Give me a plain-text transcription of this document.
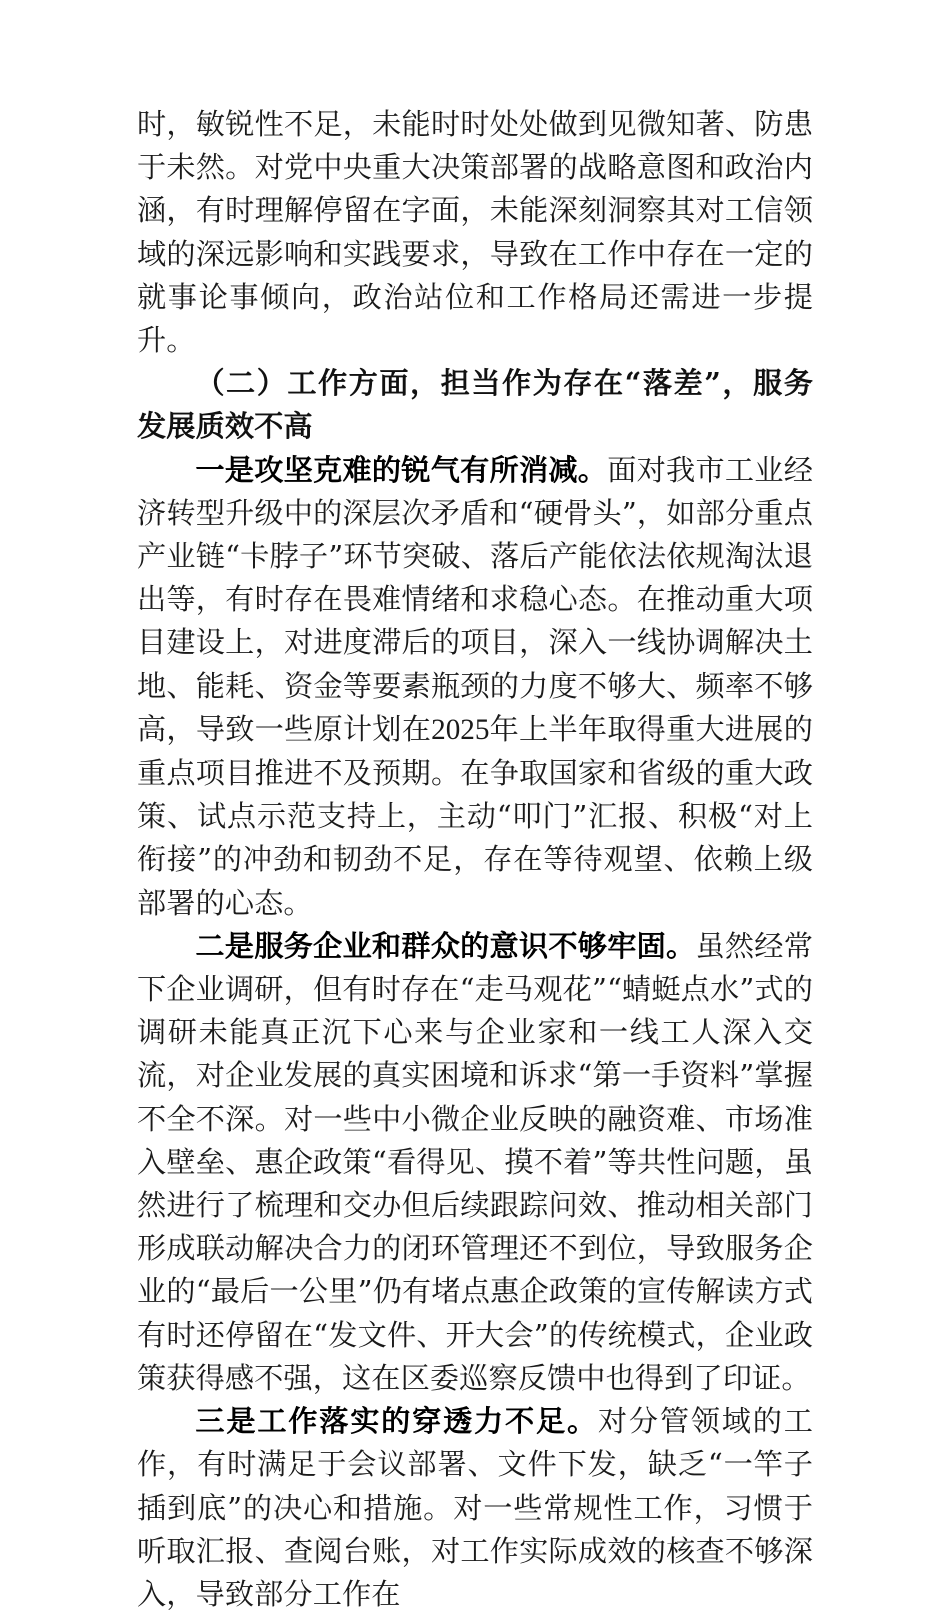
时，敏锐性不足，未能时时处处做到见微知著、防患于未然。对党中央重大决策部署的战略意图和政治内涵，有时理解停留在字面，未能深刻洞察其对工信领域的深远影响和实践要求，导致在工作中存在一定的就事论事倾向，政治站位和工作格局还需进一步提升。

（二）工作方面，担当作为存在“落差”，服务发展质效不高

一是攻坚克难的锐气有所消减。面对我市工业经济转型升级中的深层次矛盾和“硬骨头”，如部分重点产业链“卡脖子”环节突破、落后产能依法依规淘汰退出等，有时存在畏难情绪和求稳心态。在推动重大项目建设上，对进度滞后的项目，深入一线协调解决土地、能耗、资金等要素瓶颈的力度不够大、频率不够高，导致一些原计划在2025年上半年取得重大进展的重点项目推进不及预期。在争取国家和省级的重大政策、试点示范支持上，主动“叩门”汇报、积极“对上衔接”的冲劲和韧劲不足，存在等待观望、依赖上级部署的心态。

二是服务企业和群众的意识不够牢固。虽然经常下企业调研，但有时存在“走马观花”“蜻蜓点水”式的调研未能真正沉下心来与企业家和一线工人深入交流，对企业发展的真实困境和诉求“第一手资料”掌握不全不深。对一些中小微企业反映的融资难、市场准入壁垒、惠企政策“看得见、摸不着”等共性问题，虽然进行了梳理和交办但后续跟踪问效、推动相关部门形成联动解决合力的闭环管理还不到位，导致服务企业的“最后一公里”仍有堵点惠企政策的宣传解读方式有时还停留在“发文件、开大会”的传统模式，企业政策获得感不强，这在区委巡察反馈中也得到了印证。

三是工作落实的穿透力不足。对分管领域的工作，有时满足于会议部署、文件下发，缺乏“一竿子插到底”的决心和措施。对一些常规性工作，习惯于听取汇报、查阅台账，对工作实际成效的核查不够深入，导致部分工作在
